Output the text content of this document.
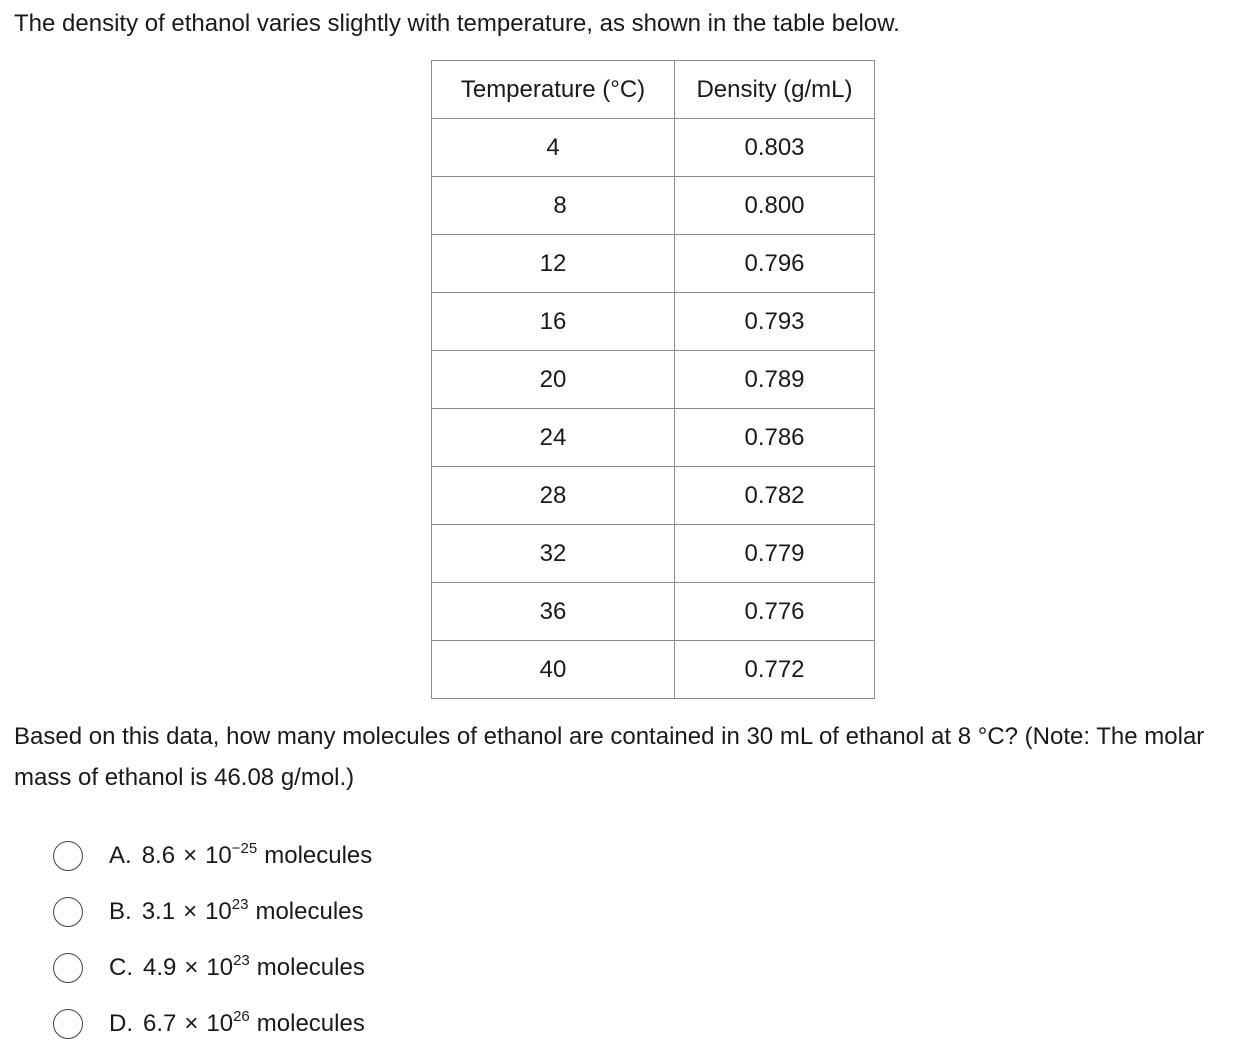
The density of ethanol varies slightly with temperature, as shown in the table below.

Temperature (°C)	Density (g/mL)
4	0.803
8	0.800
12	0.796
16	0.793
20	0.789
24	0.786
28	0.782
32	0.779
36	0.776
40	0.772

Based on this data, how many molecules of ethanol are contained in 30 mL of ethanol at 8 °C? (Note: The molar mass of ethanol is 46.08 g/mol.)

A. 8.6 × 10 −25 molecules
B. 3.1 × 10 23 molecules
C. 4.9 × 10 23 molecules
D. 6.7 × 10 26 molecules
